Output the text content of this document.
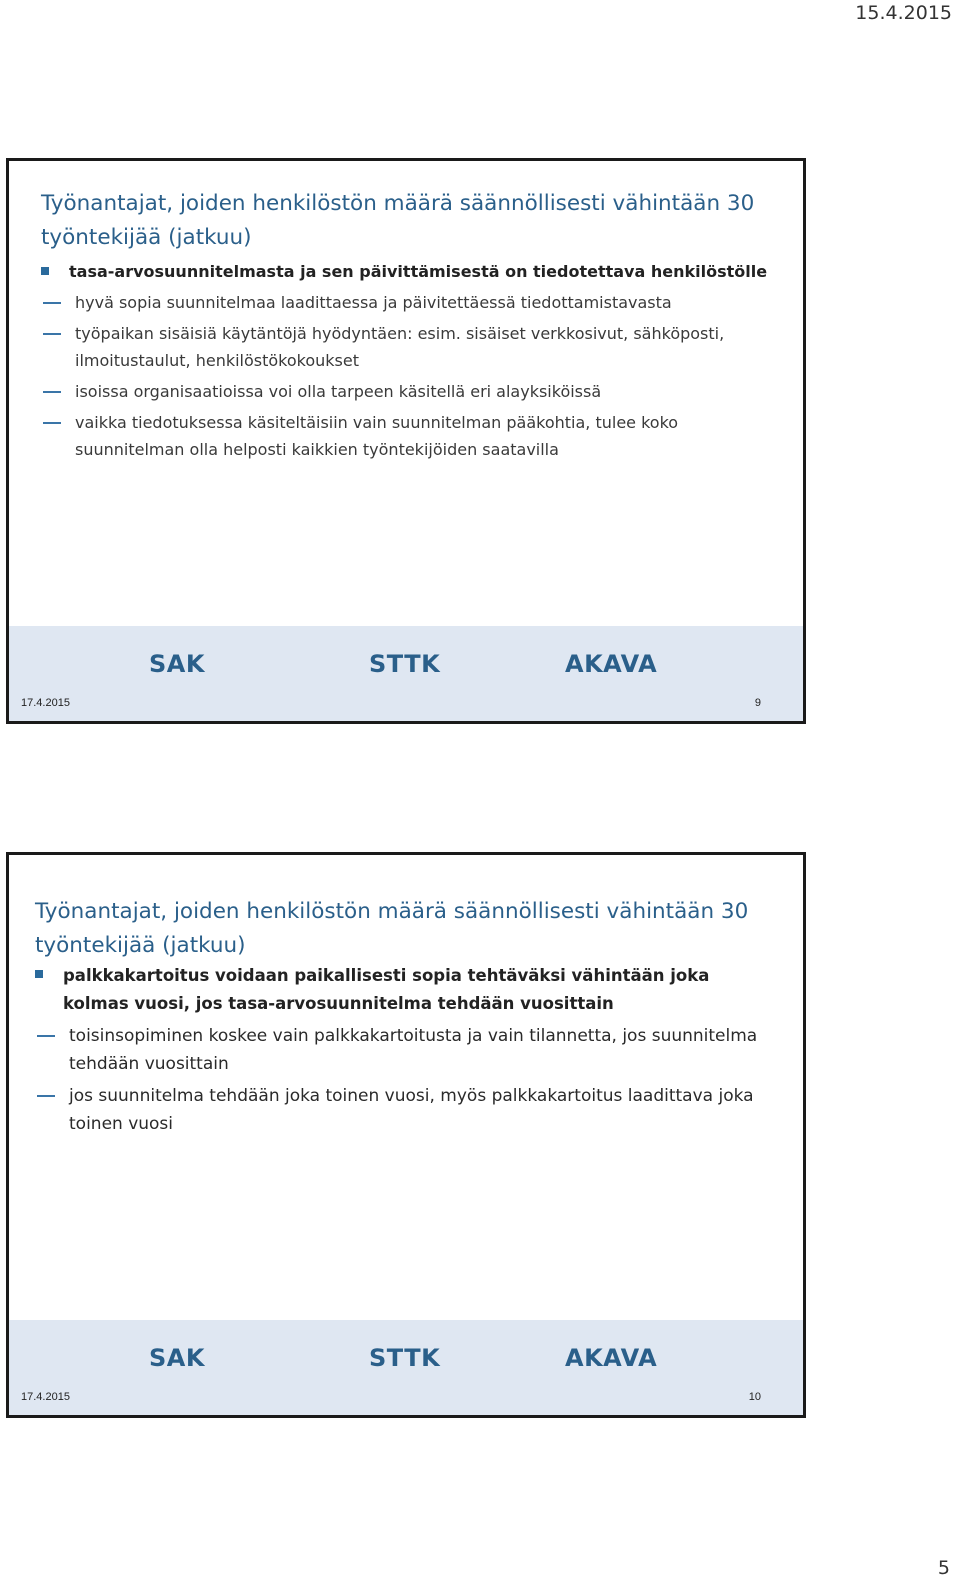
15.4.2015
Työnantajat, joiden henkilöstön määrä säännöllisesti vähintään 30 työntekijää (jatkuu)
tasa-arvosuunnitelmasta ja sen päivittämisestä on tiedotettava henkilöstölle
hyvä sopia suunnitelmaa laadittaessa ja päivitettäessä tiedottamistavasta
työpaikan sisäisiä käytäntöjä hyödyntäen: esim. sisäiset verkkosivut, sähköposti, ilmoitustaulut, henkilöstökokoukset
isoissa organisaatioissa voi olla tarpeen käsitellä eri alayksiköissä
vaikka tiedotuksessa käsiteltäisiin vain suunnitelman pääkohtia, tulee koko suunnitelman olla helposti kaikkien työntekijöiden saatavilla
SAK	STTK	AKAVA
17.4.2015	9
Työnantajat, joiden henkilöstön määrä säännöllisesti vähintään 30 työntekijää (jatkuu)
palkkakartoitus voidaan paikallisesti sopia tehtäväksi vähintään joka kolmas vuosi, jos tasa-arvosuunnitelma tehdään vuosittain
toisinsopiminen koskee vain palkkakartoitusta ja vain tilannetta, jos suunnitelma tehdään vuosittain
jos suunnitelma tehdään joka toinen vuosi, myös palkkakartoitus laadittava joka toinen vuosi
SAK	STTK	AKAVA
17.4.2015	10
5
